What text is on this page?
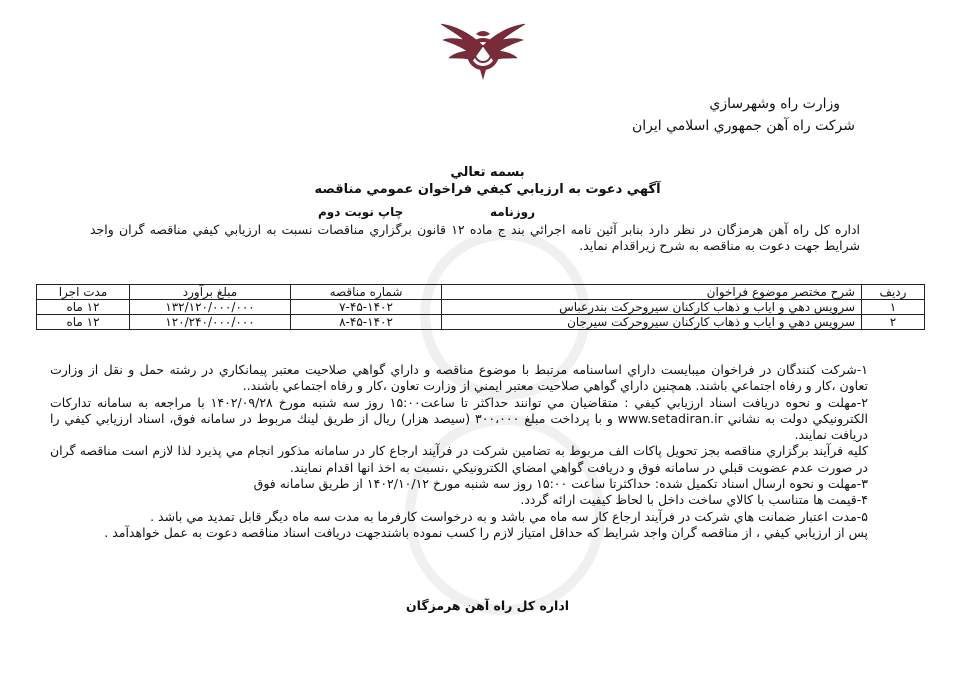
وزارت راه وشهرسازي
شركت راه آهن جمهوري اسلامي ايران
بسمه تعالي
آگهي دعوت به ارزيابي كيفي فراخوان عمومي مناقصه
روزنامه
چاپ نوبت دوم
اداره كل راه آهن هرمزگان در نظر دارد بنابر آئين نامه اجرائي بند ج ماده ١٢ قانون برگزاري مناقصات نسبت به ارزيابي كيفي مناقصه گران واجد شرايط جهت دعوت به مناقصه به شرح زيراقدام نمايد.
رديف	شرح مختصر موضوع فراخوان	شماره مناقصه	مبلغ برآورد	مدت اجرا
١	سرويس دهي و اياب و ذهاب كاركنان سيروحركت بندرعباس	١۴٠٢-۴۵-٧	١٣٢/١٢٠/٠٠٠/٠٠٠	١٢ ماه
٢	سرويس دهي و اياب و ذهاب كاركنان سيروحركت سيرجان	١۴٠٢-۴۵-٨	١٢٠/٢۴٠/٠٠٠/٠٠٠	١٢ ماه

١-شركت كنندگان در فراخوان ميبايست داراي اساسنامه مرتبط با موضوع مناقصه و داراي گواهي صلاحيت معتبر پيمانكاري در رشته حمل و نقل از وزارت تعاون ،كار و رفاه اجتماعي باشند. همچنين داراي گواهي صلاحيت معتبر ايمني از وزارت تعاون ،كار و رفاه اجتماعي باشند..

٢-مهلت و نحوه دريافت اسناد ارزيابي كيفي : متقاضيان مي توانند حداكثر تا ساعت١۵:٠٠ روز سه شنبه مورخ ١۴٠٢/٠٩/٢٨ با مراجعه به سامانه تداركات الكترونيكي دولت به نشاني www.setadiran.ir و با پرداخت مبلغ ٣٠٠،٠٠٠ (سيصد هزار) ريال از طريق لينك مربوط در سامانه فوق، اسناد ارزيابي كيفي را دريافت نمايند.

كليه فرآيند برگزاري مناقصه بجز تحويل پاكات الف مربوط به تضامين شركت در فرآيند ارجاع كار در سامانه مذكور انجام مي پذيرد لذا لازم است مناقصه گران در صورت عدم عضويت قبلي در سامانه فوق و دريافت گواهي امضاي الكترونيكي ،نسبت به اخذ انها اقدام نمايند.

٣-مهلت و نحوه ارسال اسناد تكميل شده: حداكثرتا ساعت ١۵:٠٠ روز سه شنبه مورخ ١۴٠٢/١٠/١٢ از طريق سامانه فوق

۴-قيمت ها متناسب با كالاي ساخت داخل با لحاظ كيفيت ارائه گردد.

۵-مدت اعتبار ضمانت هاي شركت در فرآيند ارجاع كار سه ماه مي باشد و به درخواست كارفرما به مدت سه ماه ديگر قابل تمديد مي باشد .

پس از ارزيابي كيفي ، از مناقصه گران واجد شرايط كه حداقل امتياز لازم را كسب نموده باشندجهت دريافت اسناد مناقصه دعوت به عمل خواهدآمد .

اداره كل راه آهن هرمزگان
